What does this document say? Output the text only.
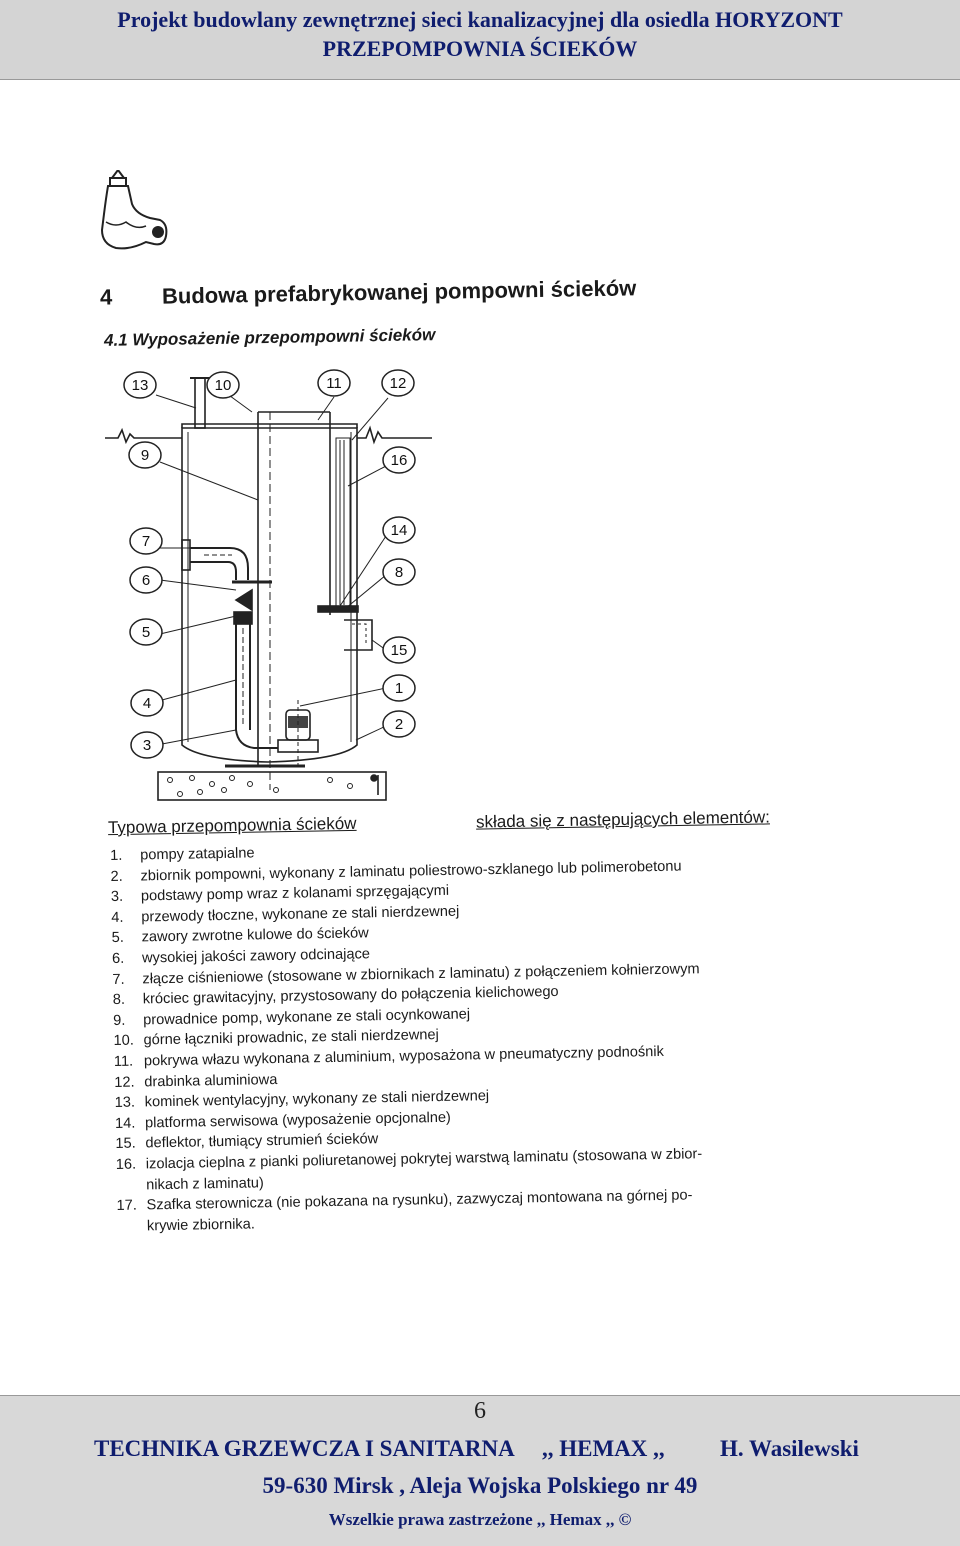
Projekt budowlany zewnętrznej sieci kanalizacyjnej dla osiedla HORYZONT
PRZEPOMPOWNIA ŚCIEKÓW
4 Budowa prefabrykowanej pompowni ścieków
4.1 Wyposażenie przepompowni ścieków
13	10	11	12
9	16
7
14
6	8
5
15
1
4
2
3
Typowa przepompownia ścieków	składa się z następujących elementów:
1. pompy zatapialne
2. zbiornik pompowni, wykonany z laminatu poliestrowo-szklanego lub polimerobetonu
3. podstawy pomp wraz z kolanami sprzęgającymi
4. przewody tłoczne, wykonane ze stali nierdzewnej
5. zawory zwrotne kulowe do ścieków
6. wysokiej jakości zawory odcinające
7. złącze ciśnieniowe (stosowane w zbiornikach z laminatu) z połączeniem kołnierzowym
8. króciec grawitacyjny, przystosowany do połączenia kielichowego
9. prowadnice pomp, wykonane ze stali ocynkowanej
10. górne łączniki prowadnic, ze stali nierdzewnej
11. pokrywa włazu wykonana z aluminium, wyposażona w pneumatyczny podnośnik
12. drabinka aluminiowa
13. kominek wentylacyjny, wykonany ze stali nierdzewnej
14. platforma serwisowa (wyposażenie opcjonalne)
15. deflektor, tłumiący strumień ścieków
16. izolacja cieplna z pianki poliuretanowej pokrytej warstwą laminatu (stosowana w zbior-
nikach z laminatu)
17. Szafka sterownicza (nie pokazana na rysunku), zazwyczaj montowana na górnej po-
krywie zbiornika.
6
TECHNIKA GRZEWCZA I SANITARNA ,, HEMAX ,, H. Wasilewski
59-630 Mirsk , Aleja Wojska Polskiego nr 49
Wszelkie prawa zastrzeżone ,, Hemax ,, ©
